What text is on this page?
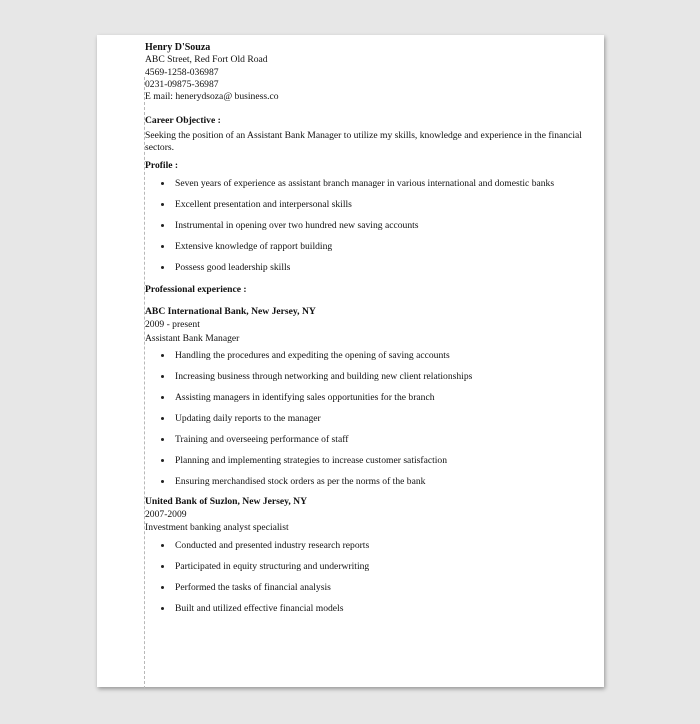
Henry D'Souza
ABC Street, Red Fort Old Road
4569-1258-036987
0231-09875-36987
E mail: henerydsoza@ business.co
Career Objective :
Seeking the position of an Assistant Bank Manager to utilize my skills, knowledge and experience in the financial sectors.
Profile :
Seven years of experience as assistant branch manager in various international and domestic banks
Excellent presentation and interpersonal skills
Instrumental in opening over two hundred new saving accounts
Extensive knowledge of rapport building
Possess good leadership skills
Professional experience :
ABC International Bank, New Jersey, NY
2009 - present
Assistant Bank Manager
Handling the procedures and expediting the opening of saving accounts
Increasing business through networking and building new client relationships
Assisting managers in identifying sales opportunities for the branch
Updating daily reports to the manager
Training and overseeing performance of staff
Planning and implementing strategies to increase customer satisfaction
Ensuring merchandised stock orders as per the norms of the bank
United Bank of Suzlon, New Jersey, NY
2007-2009
Investment banking analyst specialist
Conducted and presented industry research reports
Participated in equity structuring and underwriting
Performed the tasks of financial analysis
Built and utilized effective financial models
